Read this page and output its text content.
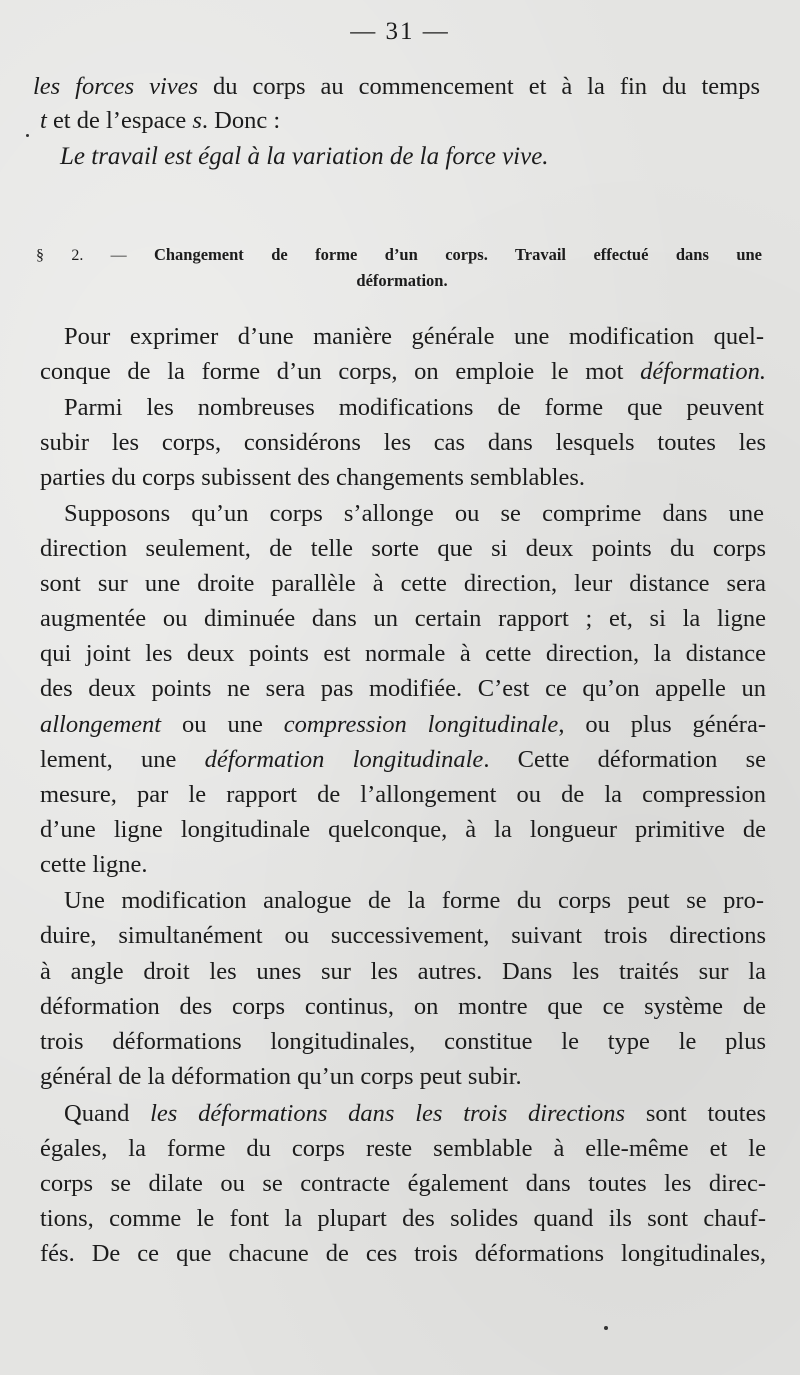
— 31 —
les forces vives du corps au commencement et à la fin du temps
t et de l’espace s. Donc :
Le travail est égal à la variation de la force vive.
§ 2. — Changement de forme d’un corps. Travail effectué dans une
déformation.
Pour exprimer d’une manière générale une modification quel-
conque de la forme d’un corps, on emploie le mot déformation.
Parmi les nombreuses modifications de forme que peuvent
subir les corps, considérons les cas dans lesquels toutes les
parties du corps subissent des changements semblables.
Supposons qu’un corps s’allonge ou se comprime dans une
direction seulement, de telle sorte que si deux points du corps
sont sur une droite parallèle à cette direction, leur distance sera
augmentée ou diminuée dans un certain rapport ; et, si la ligne
qui joint les deux points est normale à cette direction, la distance
des deux points ne sera pas modifiée. C’est ce qu’on appelle un
allongement ou une compression longitudinale, ou plus généra-
lement, une déformation longitudinale. Cette déformation se
mesure, par le rapport de l’allongement ou de la compression
d’une ligne longitudinale quelconque, à la longueur primitive de
cette ligne.
Une modification analogue de la forme du corps peut se pro-
duire, simultanément ou successivement, suivant trois directions
à angle droit les unes sur les autres. Dans les traités sur la
déformation des corps continus, on montre que ce système de
trois déformations longitudinales, constitue le type le plus
général de la déformation qu’un corps peut subir.
Quand les déformations dans les trois directions sont toutes
égales, la forme du corps reste semblable à elle-même et le
corps se dilate ou se contracte également dans toutes les direc-
tions, comme le font la plupart des solides quand ils sont chauf-
fés. De ce que chacune de ces trois déformations longitudinales,
